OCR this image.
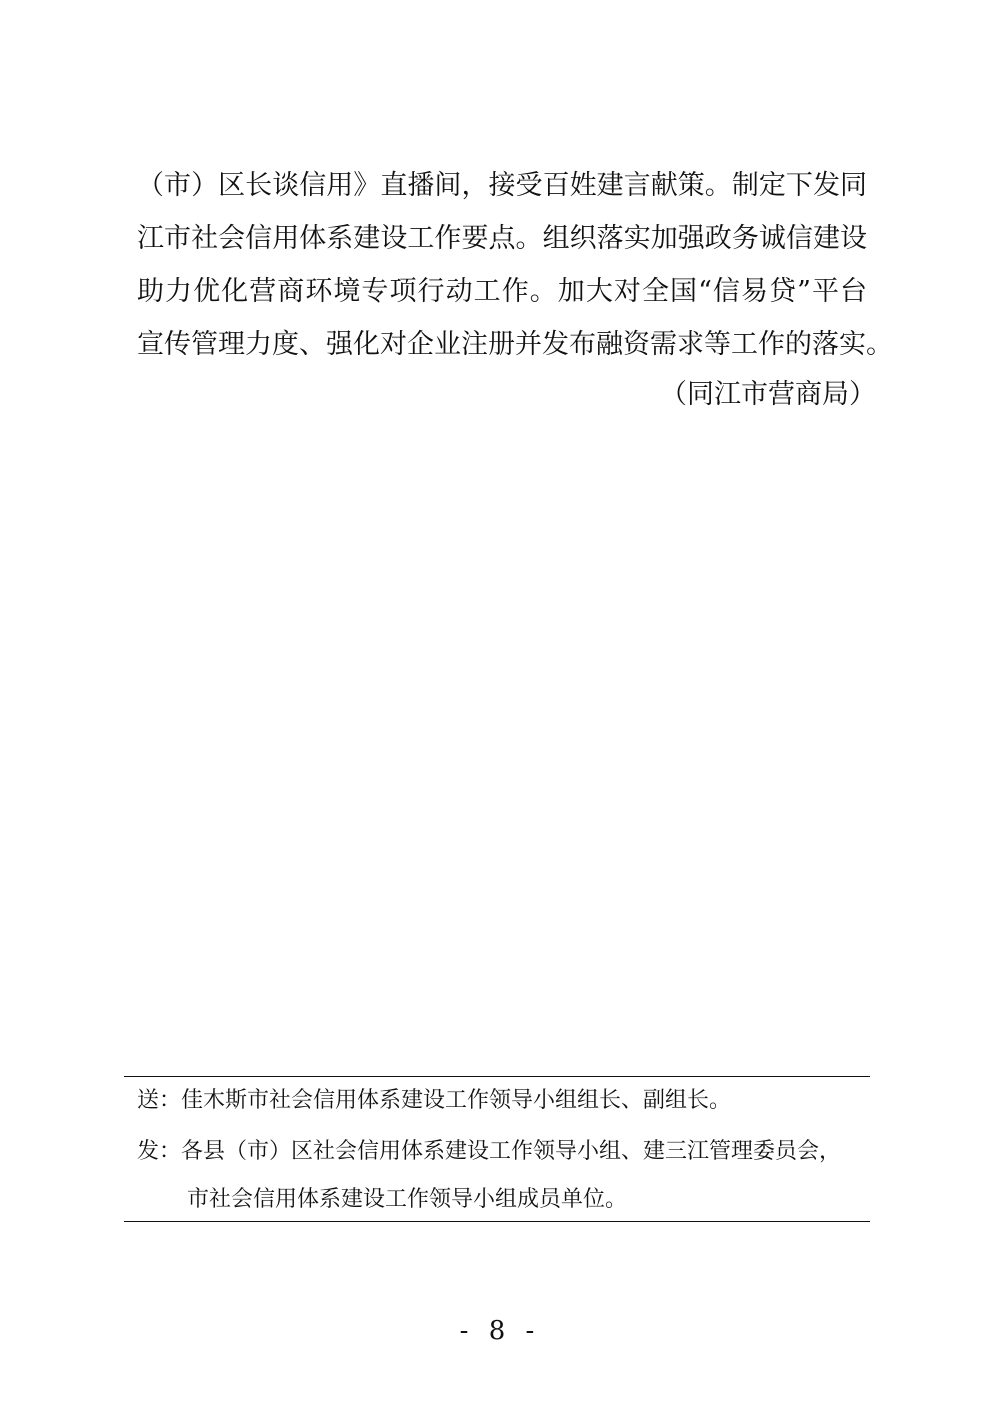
（市）区长谈信用》直播间，接受百姓建言献策。制定下发同
江市社会信用体系建设工作要点。组织落实加强政务诚信建设
助力优化营商环境专项行动工作。加大对全国“信易贷”平台
宣传管理力度、强化对企业注册并发布融资需求等工作的落实。
（同江市营商局）
送：佳木斯市社会信用体系建设工作领导小组组长、副组长。
发：各县（市）区社会信用体系建设工作领导小组、建三江管理委员会，
市社会信用体系建设工作领导小组成员单位。
- 8 -
